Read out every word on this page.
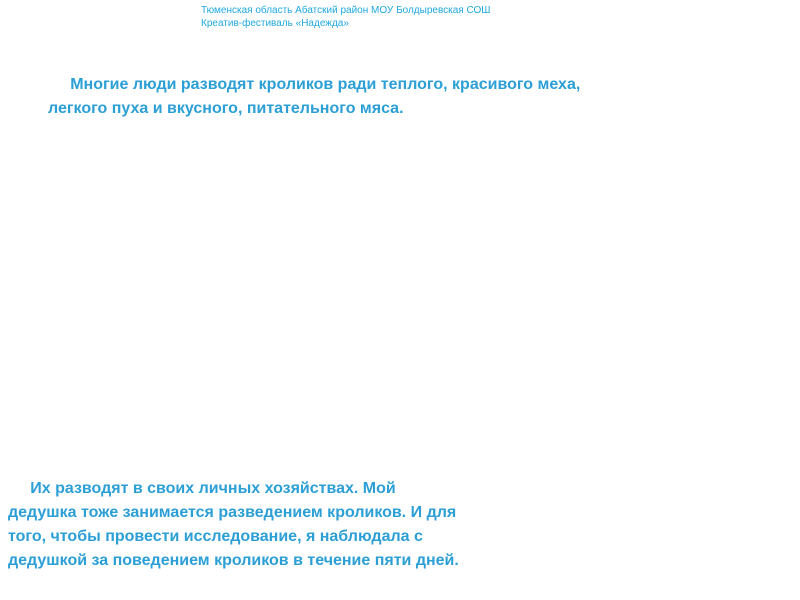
Тюменская область Абатский район МОУ Болдыревская СОШ
Креатив-фестиваль «Надежда»
Многие люди разводят кроликов ради теплого, красивого меха,
легкого пуха и вкусного, питательного мяса.
Их разводят в своих личных хозяйствах. Мой
дедушка тоже занимается разведением кроликов. И для
того, чтобы провести исследование, я наблюдала с
дедушкой за поведением кроликов в течение пяти дней.
